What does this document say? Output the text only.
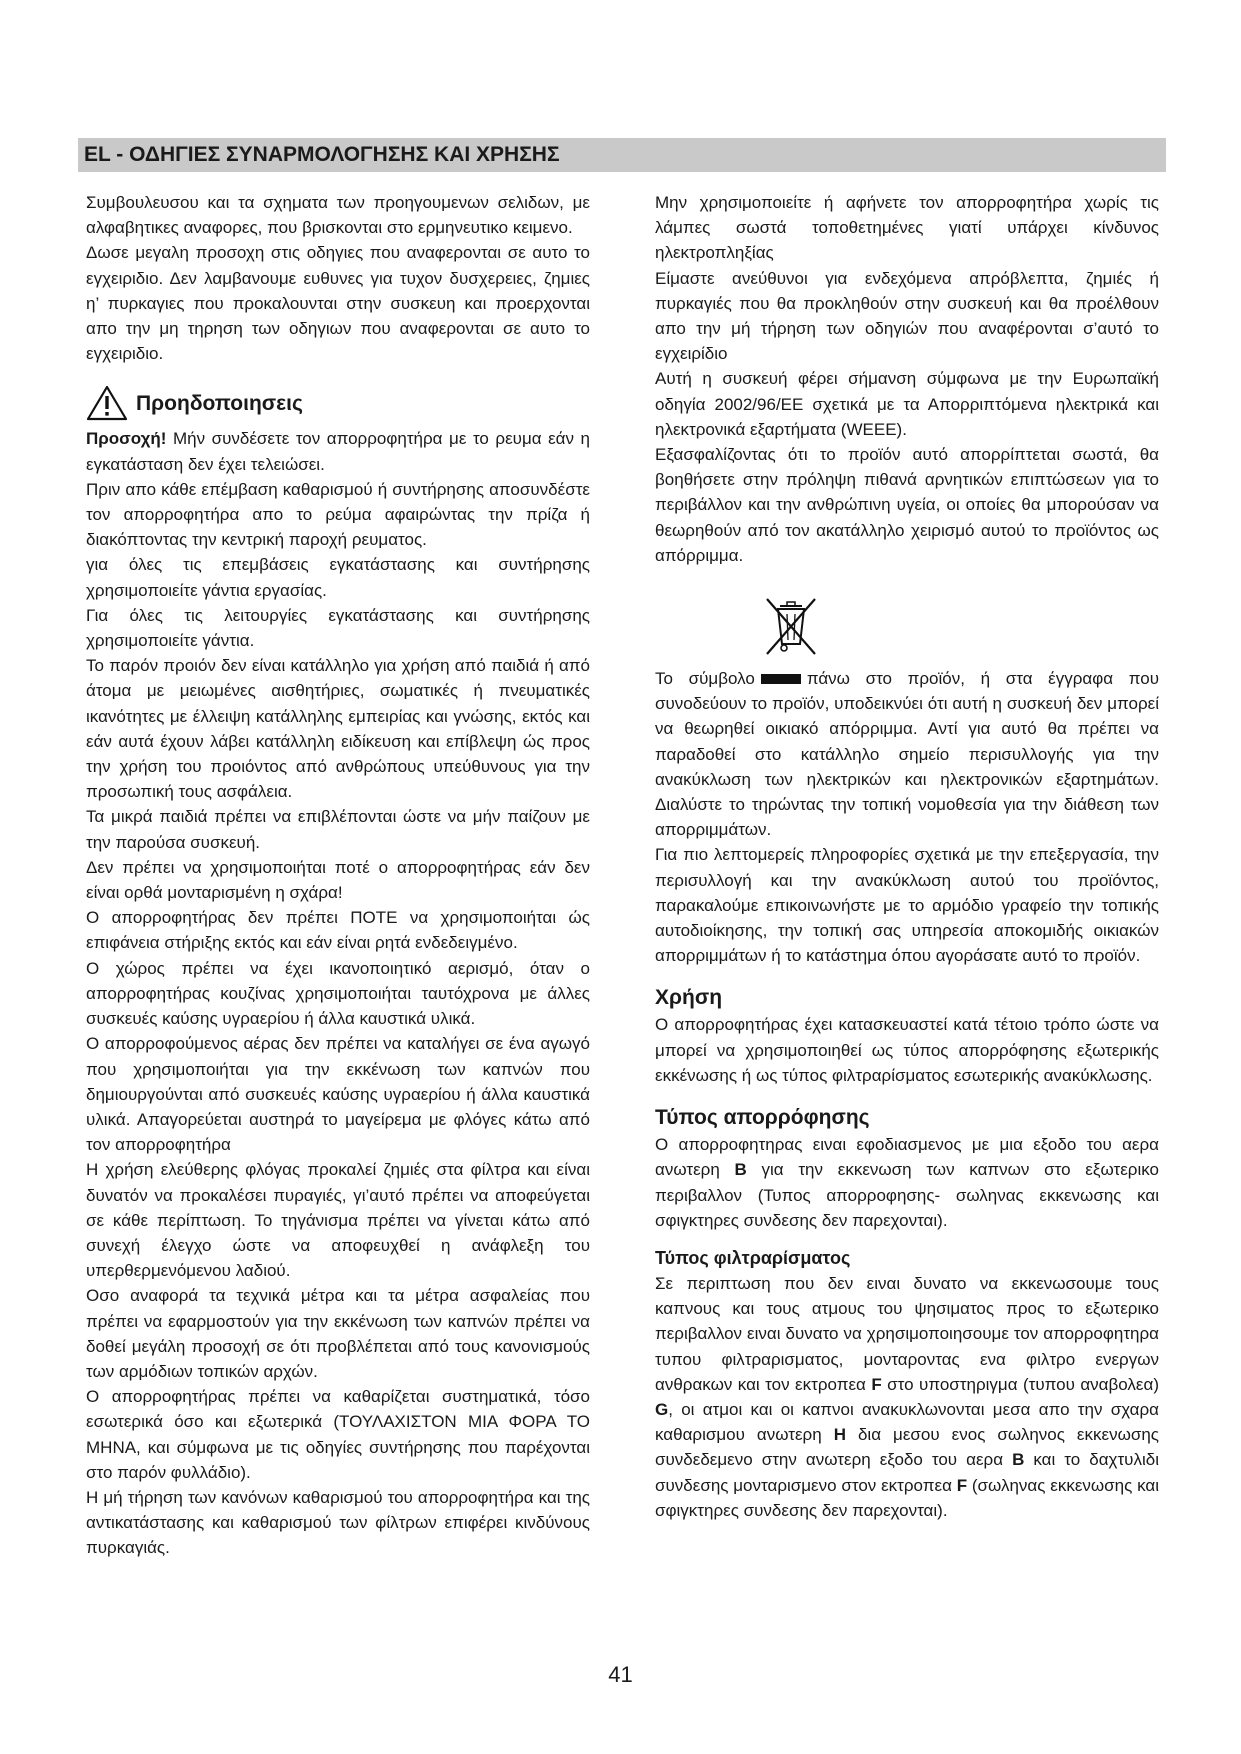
EL - ΟΔΗΓΙΕΣ ΣΥΝΑΡΜΟΛΟΓΗΣΗΣ ΚΑΙ ΧΡΗΣΗΣ

Συμβουλευσου και τα σχηματα των προηγουμενων σελιδων, με αλφαβητικες αναφορες, που βρισκονται στο ερμηνευτικο κειμενο.

Δωσε μεγαλη προσοχη στις οδηγιες που αναφερονται σε αυτο το εγχειριδιο. Δεν λαμβανουμε ευθυνες για τυχον δυσχερειες, ζημιες η’ πυρκαγιες που προκαλουνται στην συσκευη και προερχονται απο την μη τηρηση των οδηγιων που αναφερονται σε αυτο το εγχειριδιο.

Προηδοποιησεις

Προσοχή! Μήν συνδέσετε τον απορροφητήρα με το ρευμα εάν η εγκατάσταση δεν έχει τελειώσει.

Πριν απο κάθε επέμβαση καθαρισμού ή συντήρησης αποσυνδέστε τον απορροφητήρα απο το ρεύμα αφαιρώντας την πρίζα ή διακόπτοντας την κεντρική παροχή ρευματος.

για όλες τις επεμβάσεις εγκατάστασης και συντήρησης χρησιμοποιείτε γάντια εργασίας.

Για όλες τις λειτουργίες εγκατάστασης και συντήρησης χρησιμοποιείτε γάντια.

Το παρόν προιόν δεν είναι κατάλληλο για χρήση από παιδιά ή από άτομα με μειωμένες αισθητήριες, σωματικές ή πνευματικές ικανότητες με έλλειψη κατάλληλης εμπειρίας και γνώσης, εκτός και εάν αυτά έχουν λάβει κατάλληλη ειδίκευση και επίβλεψη ώς προς την χρήση του προιόντος από ανθρώπους υπεύθυνους για την προσωπική τους ασφάλεια.

Τα μικρά παιδιά πρέπει να επιβλέπονται ώστε να μήν παίζουν με την παρούσα συσκευή.

Δεν πρέπει να χρησιμοποιήται ποτέ ο απορροφητήρας εάν δεν είναι ορθά μονταρισμένη η σχάρα!

Ο απορροφητήρας δεν πρέπει ΠΟΤΕ να χρησιμοποιήται ώς επιφάνεια στήριξης εκτός και εάν είναι ρητά ενδεδειγμένο.

Ο χώρος πρέπει να έχει ικανοποιητικό αερισμό, όταν ο απορροφητήρας κουζίνας χρησιμοποιήται ταυτόχρονα με άλλες συσκευές καύσης υγραερίου ή άλλα καυστικά υλικά.

Ο απορροφούμενος αέρας δεν πρέπει να καταλήγει σε ένα αγωγό που χρησιμοποιήται για την εκκένωση των καπνών που δημιουργούνται από συσκευές καύσης υγραερίου ή άλλα καυστικά υλικά. Απαγορεύεται αυστηρά το μαγείρεμα με φλόγες κάτω από τον απορροφητήρα

Η χρήση ελεύθερης φλόγας προκαλεί ζημιές στα φίλτρα και είναι δυνατόν να προκαλέσει πυραγιές, γι’αυτό πρέπει να αποφεύγεται σε κάθε περίπτωση. Το τηγάνισμα πρέπει να γίνεται κάτω από συνεχή έλεγχο ώστε να αποφευχθεί η ανάφλεξη του υπερθερμενόμενου λαδιού.

Οσο αναφορά τα τεχνικά μέτρα και τα μέτρα ασφαλείας που πρέπει να εφαρμοστούν για την εκκένωση των καπνών πρέπει να δοθεί μεγάλη προσοχή σε ότι προβλέπεται από τους κανονισμούς των αρμόδιων τοπικών αρχών.

Ο απορροφητήρας πρέπει να καθαρίζεται συστηματικά, τόσο εσωτερικά όσο και εξωτερικά (ΤΟΥΛΑΧΙΣΤΟΝ ΜΙΑ ΦΟΡΑ ΤΟ ΜΗΝΑ, και σύμφωνα με τις οδηγίες συντήρησης που παρέχονται στο παρόν φυλλάδιο).

Η μή τήρηση των κανόνων καθαρισμού του απορροφητήρα και της αντικατάστασης και καθαρισμού των φίλτρων επιφέρει κινδύνους πυρκαγιάς.

Μην χρησιμοποιείτε ή αφήνετε τον απορροφητήρα χωρίς τις λάμπες σωστά τοποθετημένες γιατί υπάρχει κίνδυνος ηλεκτροπληξίας

Είμαστε ανεύθυνοι για ενδεχόμενα απρόβλεπτα, ζημιές ή πυρκαγιές που θα προκληθούν στην συσκευή και θα προέλθουν απο την μή τήρηση των οδηγιών που αναφέρονται σ’αυτό το εγχειρίδιο

Αυτή η συσκευή φέρει σήμανση σύμφωνα με την Ευρωπαϊκή οδηγία 2002/96/ΕΕ σχετικά με τα Απορριπτόμενα ηλεκτρικά και ηλεκτρονικά εξαρτήματα (WEEE).

Εξασφαλίζοντας ότι το προϊόν αυτό απορρίπτεται σωστά, θα βοηθήσετε στην πρόληψη πιθανά αρνητικών επιπτώσεων για το περιβάλλον και την ανθρώπινη υγεία, οι οποίες θα μπορούσαν να θεωρηθούν από τον ακατάλληλο χειρισμό αυτού το προϊόντος ως απόρριμμα.

Το σύμβολο	πάνω στο προϊόν, ή στα έγγραφα που συνοδεύουν το προϊόν, υποδεικνύει ότι αυτή η συσκευή δεν μπορεί να θεωρηθεί οικιακό απόρριμμα. Αντί για αυτό θα πρέπει να παραδοθεί στο κατάλληλο σημείο περισυλλογής για την ανακύκλωση των ηλεκτρικών και ηλεκτρονικών εξαρτημάτων. Διαλύστε το τηρώντας την τοπική νομοθεσία για την διάθεση των απορριμμάτων.

Για πιο λεπτομερείς πληροφορίες σχετικά με την επεξεργασία, την περισυλλογή και την ανακύκλωση αυτού του προϊόντος, παρακαλούμε επικοινωνήστε με το αρμόδιο γραφείο την τοπικής αυτοδιοίκησης, την τοπική σας υπηρεσία αποκομιδής οικιακών απορριμμάτων ή το κατάστημα όπου αγοράσατε αυτό το προϊόν.

Χρήση

Ο απορροφητήρας έχει κατασκευαστεί κατά τέτοιο τρόπο ώστε να μπορεί να χρησιμοποιηθεί ως τύπος απορρόφησης εξωτερικής εκκένωσης ή ως τύπος φιλτραρίσματος εσωτερικής ανακύκλωσης.

Τύπος απορρόφησης

Ο απορροφητηρας ειναι εφοδιασμενος με μια εξοδο του αερα ανωτερη B για την εκκενωση των καπνων στο εξωτερικο περιβαλλον (Τυπος απορροφησης- σωληνας εκκενωσης και σφιγκτηρες συνδεσης δεν παρεχονται).

Τύπος φιλτραρίσματος

Σε περιπτωση που δεν ειναι δυνατο να εκκενωσουμε τους καπνους και τους ατμους του ψησιματος προς το εξωτερικο περιβαλλον ειναι δυνατο να χρησιμοποιησουμε τον απορροφητηρα τυπου φιλτραρισματος, μονταροντας ενα φιλτρο ενεργων ανθρακων και τον εκτροπεα F στο υποστηριγμα (τυπου αναβολεα) G, οι ατμοι και οι καπνοι ανακυκλωνονται μεσα απο την σχαρα καθαρισμου ανωτερη H δια μεσου ενος σωληνος εκκενωσης συνδεδεμενο στην ανωτερη εξοδο του αερα B και το δαχτυλιδι συνδεσης μονταρισμενο στον εκτροπεα F (σωληνας εκκενωσης και σφιγκτηρες συνδεσης δεν παρεχονται).

41
